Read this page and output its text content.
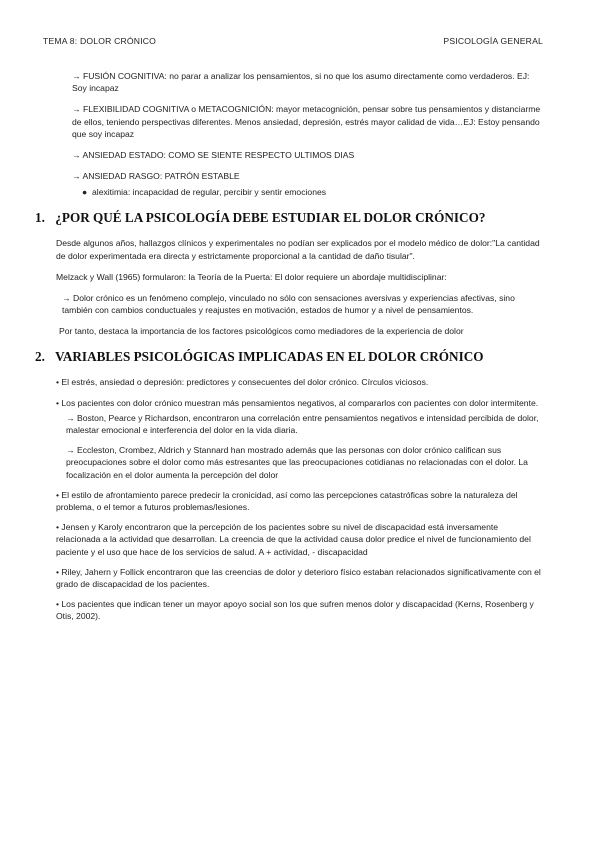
TEMA 8: DOLOR CRÓNICO	PSICOLOGÍA GENERAL
→ FUSIÓN COGNITIVA: no parar a analizar los pensamientos, si no que los asumo directamente como verdaderos. EJ: Soy incapaz
→ FLEXIBILIDAD COGNITIVA o METACOGNICIÓN: mayor metacognición, pensar sobre tus pensamientos y distanciarme de ellos, teniendo perspectivas diferentes. Menos ansiedad, depresión, estrés mayor calidad de vida…EJ: Estoy pensando que soy incapaz
→ ANSIEDAD ESTADO: COMO SE SIENTE RESPECTO ULTIMOS DIAS
→ ANSIEDAD RASGO: PATRÓN ESTABLE
● alexitimia: incapacidad de regular, percibir y sentir emociones
1. ¿POR QUÉ LA PSICOLOGÍA DEBE ESTUDIAR EL DOLOR CRÓNICO?
Desde algunos años, hallazgos clínicos y experimentales no podían ser explicados por el modelo médico de dolor:"La cantidad de dolor experimentada era directa y estrictamente proporcional a la cantidad de daño tisular".
Melzack y Wall (1965) formularon: la Teoría de la Puerta: El dolor requiere un abordaje multidisciplinar:
→ Dolor crónico es un fenómeno complejo, vinculado no sólo con sensaciones aversivas y experiencias afectivas, sino también con cambios conductuales y reajustes en motivación, estados de humor y a nivel de pensamientos.
Por tanto, destaca la importancia de los factores psicológicos como mediadores de la experiencia de dolor
2. VARIABLES PSICOLÓGICAS IMPLICADAS EN EL DOLOR CRÓNICO
• El estrés, ansiedad o depresión: predictores y consecuentes del dolor crónico. Círculos viciosos.
• Los pacientes con dolor crónico muestran más pensamientos negativos, al compararlos con pacientes con dolor intermitente.
→ Boston, Pearce y Richardson, encontraron una correlación entre pensamientos negativos e intensidad percibida de dolor, malestar emocional e interferencia del dolor en la vida diaria.
→ Eccleston, Crombez, Aldrich y Stannard han mostrado además que las personas con dolor crónico califican sus preocupaciones sobre el dolor como más estresantes que las preocupaciones cotidianas no relacionadas con el dolor. La focalización en el dolor aumenta la percepción del dolor
• El estilo de afrontamiento parece predecir la cronicidad, así como las percepciones catastróficas sobre la naturaleza del problema, o el temor a futuros problemas/lesiones.
• Jensen y Karoly encontraron que la percepción de los pacientes sobre su nivel de discapacidad está inversamente relacionada a la actividad que desarrollan. La creencia de que la actividad causa dolor predice el nivel de funcionamiento del paciente y el uso que hace de los servicios de salud. A + actividad, - discapacidad
• Riley, Jahern y Follick encontraron que las creencias de dolor y deterioro físico estaban relacionados significativamente con el grado de discapacidad de los pacientes.
• Los pacientes que indican tener un mayor apoyo social son los que sufren menos dolor y discapacidad (Kerns, Rosenberg y Otis, 2002).
